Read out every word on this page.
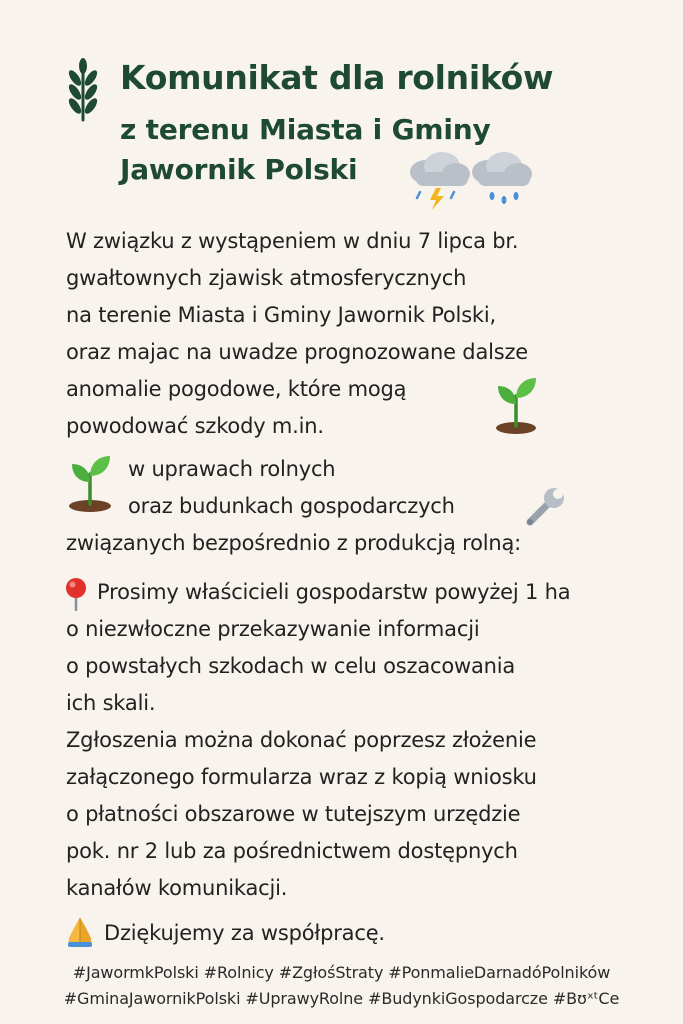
Komunikat dla rolników
z terenu Miasta i Gminy
Jawornik Polski
W związku z wystąpeniem w dniu 7 lipca br.
gwałtownych zjawisk atmosferycznych
na terenie Miasta i Gminy Jawornik Polski,
oraz majac na uwadze prognozowane dalsze
anomalie pogodowe, które mogą
powodować szkody m.in.
w uprawach rolnych
oraz budunkach gospodarczych
związanych bezpośrednio z produkcją rolną:
Prosimy właścicieli gospodarstw powyżej 1 ha
o niezwłoczne przekazywanie informacji
o powstałych szkodach w celu oszacowania
ich skali.
Zgłoszenia można dokonać poprzesz złożenie
załączonego formularza wraz z kopią wniosku
o płatności obszarowe w tutejszym urzędzie
pok. nr 2 lub za pośrednictwem dostępnych
kanałów komunikacji.
Dziękujemy za współpracę.
#JawormkPolski #Rolnicy #ZgłośStraty #PonmalieDarnadóPolników
#GminaJawornikPolski #UprawyRolne #BudynkiGospodarcze #BʊˣᵗCe
